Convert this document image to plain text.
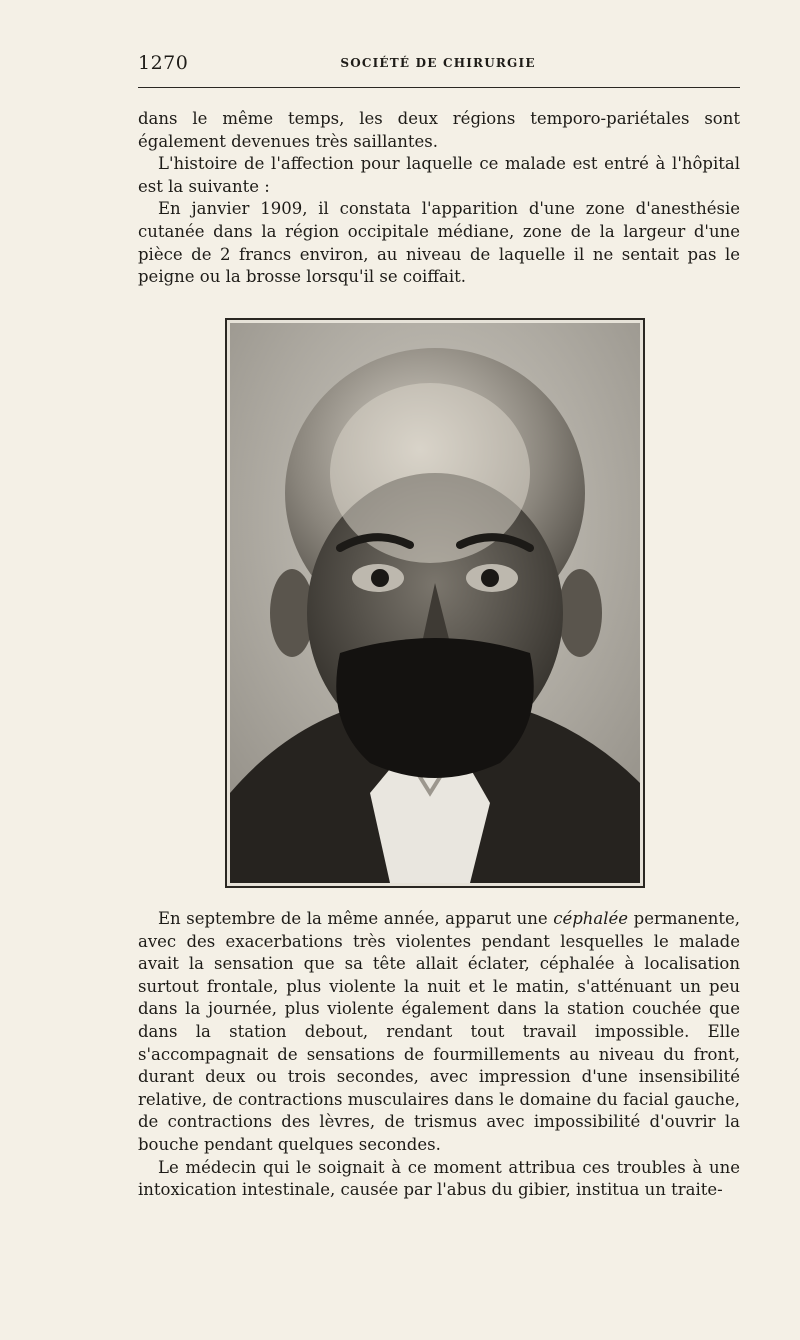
1270	SOCIÉTÉ DE CHIRURGIE

dans le même temps, les deux régions temporo-pariétales sont également devenues très saillantes.

L'histoire de l'affection pour laquelle ce malade est entré à l'hôpital est la suivante :

En janvier 1909, il constata l'apparition d'une zone d'anesthésie cutanée dans la région occipitale médiane, zone de la largeur d'une pièce de 2 francs environ, au niveau de laquelle il ne sentait pas le peigne ou la brosse lorsqu'il se coiffait.

En septembre de la même année, apparut une céphalée permanente, avec des exacerbations très violentes pendant lesquelles le malade avait la sensation que sa tête allait éclater, céphalée à localisation surtout frontale, plus violente la nuit et le matin, s'atténuant un peu dans la journée, plus violente également dans la station couchée que dans la station debout, rendant tout travail impossible. Elle s'accompagnait de sensations de fourmillements au niveau du front, durant deux ou trois secondes, avec impression d'une insensibilité relative, de contractions musculaires dans le domaine du facial gauche, de contractions des lèvres, de trismus avec impossibilité d'ouvrir la bouche pendant quelques secondes.

Le médecin qui le soignait à ce moment attribua ces troubles à une intoxication intestinale, causée par l'abus du gibier, institua un traite-
